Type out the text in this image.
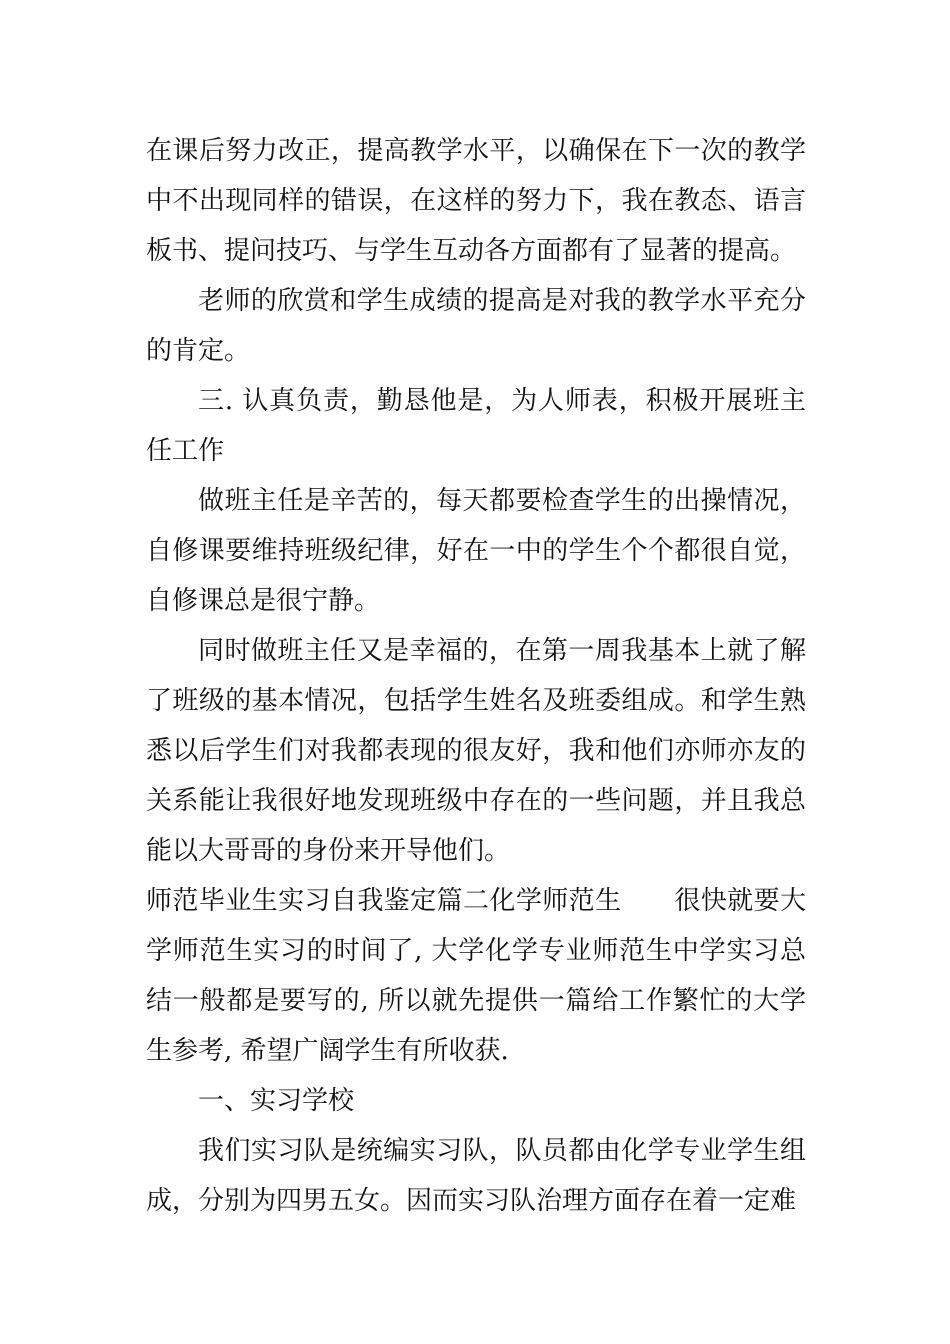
在课后努力改正，提高教学水平，以确保在下一次的教学中不出现同样的错误，在这样的努力下，我在教态、语言板书、提问技巧、与学生互动各方面都有了显著的提高。

老师的欣赏和学生成绩的提高是对我的教学水平充分的肯定。

三. 认真负责，勤恳他是，为人师表，积极开展班主任工作

做班主任是辛苦的，每天都要检查学生的出操情况，自修课要维持班级纪律，好在一中的学生个个都很自觉，自修课总是很宁静。

同时做班主任又是幸福的，在第一周我基本上就了解了班级的基本情况，包括学生姓名及班委组成。和学生熟悉以后学生们对我都表现的很友好，我和他们亦师亦友的关系能让我很好地发现班级中存在的一些问题，并且我总能以大哥哥的身份来开导他们。

师范毕业生实习自我鉴定篇二化学师范生　　很快就要大学师范生实习的时间了, 大学化学专业师范生中学实习总结一般都是要写的, 所以就先提供一篇给工作繁忙的大学生参考, 希望广阔学生有所收获.

一、实习学校

我们实习队是统编实习队，队员都由化学专业学生组成，分别为四男五女。因而实习队治理方面存在着一定难
